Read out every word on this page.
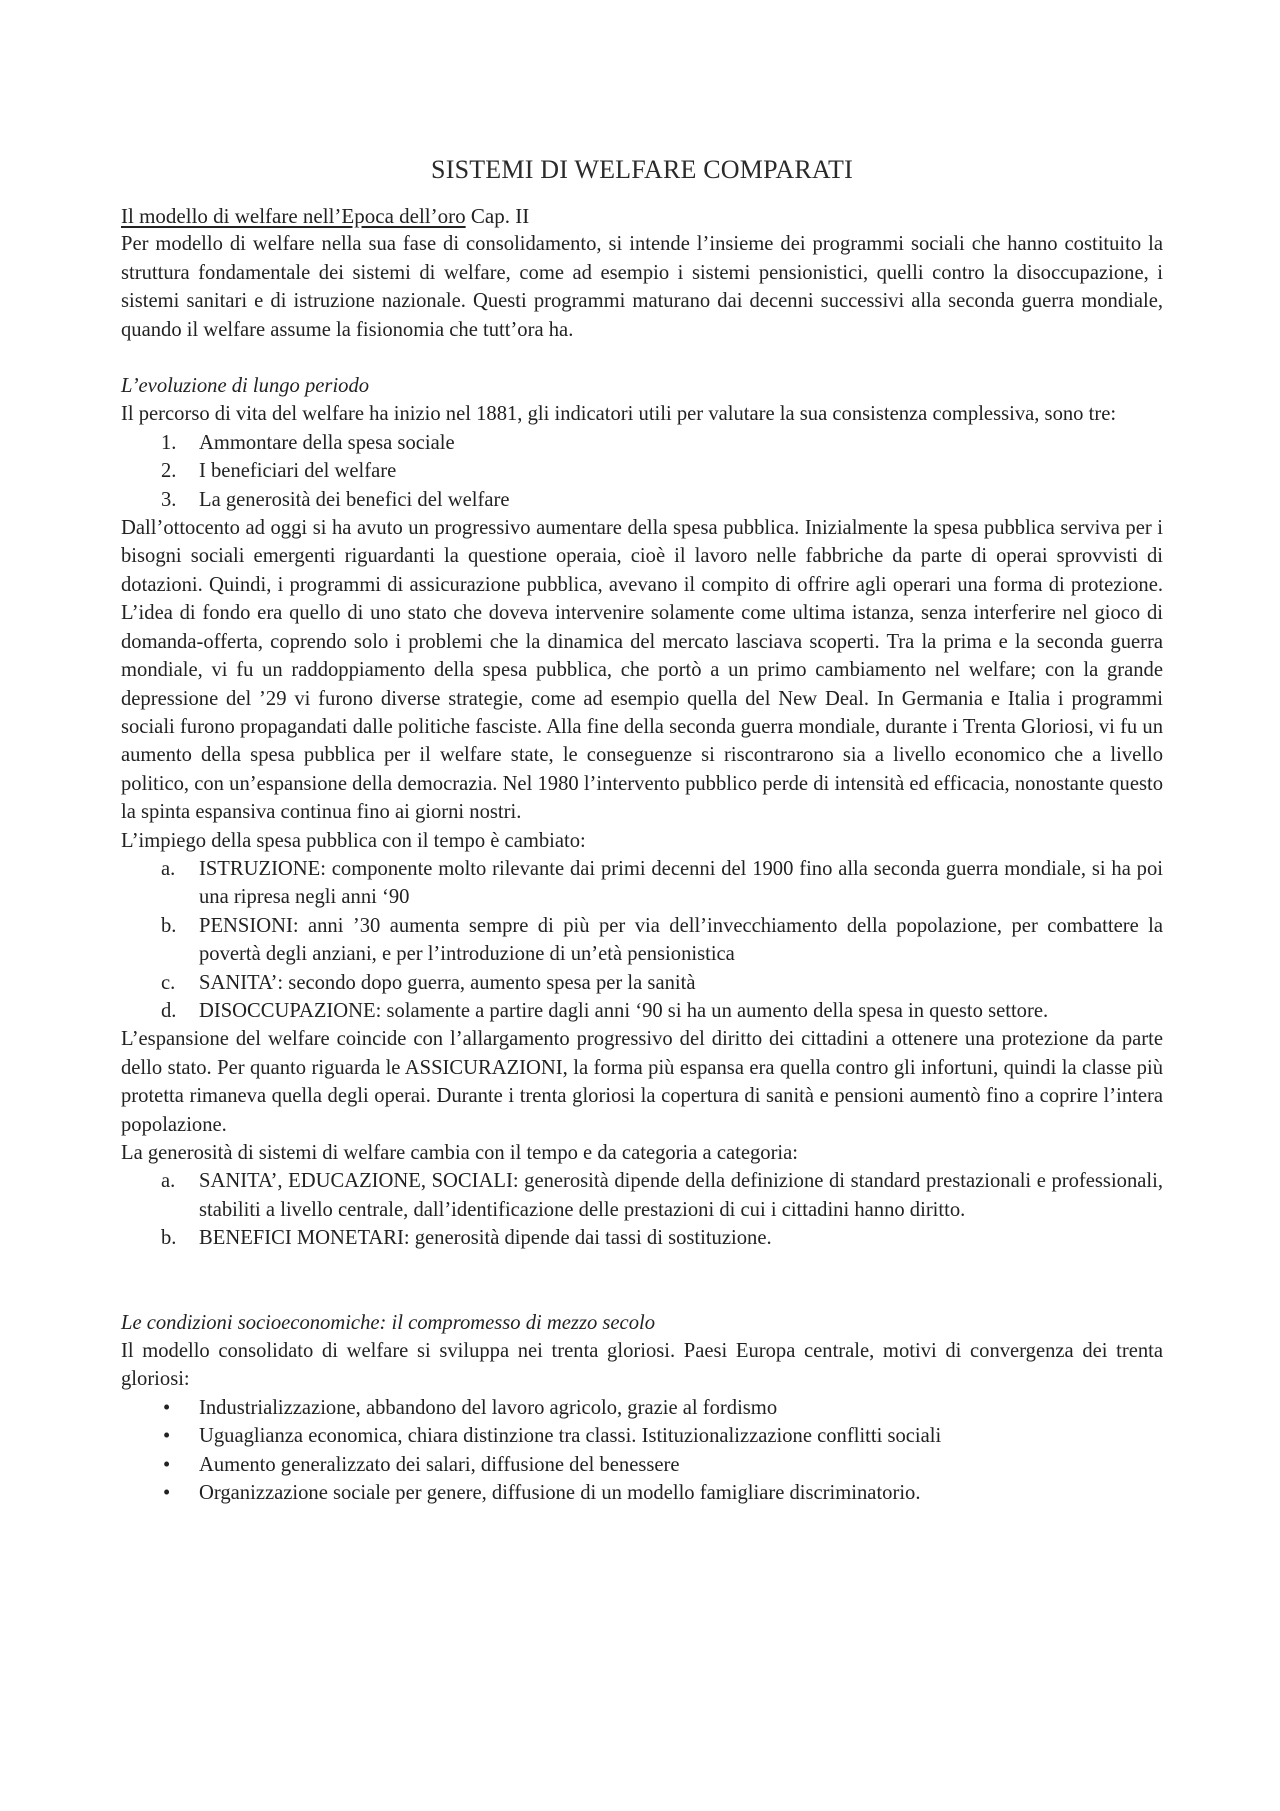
SISTEMI DI WELFARE COMPARATI
Il modello di welfare nell’Epoca dell’oro Cap. II

Per modello di welfare nella sua fase di consolidamento, si intende l’insieme dei programmi sociali che hanno costituito la struttura fondamentale dei sistemi di welfare, come ad esempio i sistemi pensionistici, quelli contro la disoccupazione, i sistemi sanitari e di istruzione nazionale. Questi programmi maturano dai decenni successivi alla seconda guerra mondiale, quando il welfare assume la fisionomia che tutt’ora ha.

L’evoluzione di lungo periodo

Il percorso di vita del welfare ha inizio nel 1881, gli indicatori utili per valutare la sua consistenza complessiva, sono tre:

1.	Ammontare della spesa sociale
2.	I beneficiari del welfare
3.	La generosità dei benefici del welfare

Dall’ottocento ad oggi si ha avuto un progressivo aumentare della spesa pubblica. Inizialmente la spesa pubblica serviva per i bisogni sociali emergenti riguardanti la questione operaia, cioè il lavoro nelle fabbriche da parte di operai sprovvisti di dotazioni. Quindi, i programmi di assicurazione pubblica, avevano il compito di offrire agli operari una forma di protezione. L’idea di fondo era quello di uno stato che doveva intervenire solamente come ultima istanza, senza interferire nel gioco di domanda-offerta, coprendo solo i problemi che la dinamica del mercato lasciava scoperti. Tra la prima e la seconda guerra mondiale, vi fu un raddoppiamento della spesa pubblica, che portò a un primo cambiamento nel welfare; con la grande depressione del ’29 vi furono diverse strategie, come ad esempio quella del New Deal. In Germania e Italia i programmi sociali furono propagandati dalle politiche fasciste. Alla fine della seconda guerra mondiale, durante i Trenta Gloriosi, vi fu un aumento della spesa pubblica per il welfare state, le conseguenze si riscontrarono sia a livello economico che a livello politico, con un’espansione della democrazia. Nel 1980 l’intervento pubblico perde di intensità ed efficacia, nonostante questo la spinta espansiva continua fino ai giorni nostri.

L’impiego della spesa pubblica con il tempo è cambiato:

a.	ISTRUZIONE: componente molto rilevante dai primi decenni del 1900 fino alla seconda guerra mondiale, si ha poi una ripresa negli anni ‘90
b.	PENSIONI: anni ’30 aumenta sempre di più per via dell’invecchiamento della popolazione, per combattere la povertà degli anziani, e per l’introduzione di un’età pensionistica
c.	SANITA’: secondo dopo guerra, aumento spesa per la sanità
d.	DISOCCUPAZIONE: solamente a partire dagli anni ‘90 si ha un aumento della spesa in questo settore.

L’espansione del welfare coincide con l’allargamento progressivo del diritto dei cittadini a ottenere una protezione da parte dello stato. Per quanto riguarda le ASSICURAZIONI, la forma più espansa era quella contro gli infortuni, quindi la classe più protetta rimaneva quella degli operai. Durante i trenta gloriosi la copertura di sanità e pensioni aumentò fino a coprire l’intera popolazione.

La generosità di sistemi di welfare cambia con il tempo e da categoria a categoria:

a.	SANITA’, EDUCAZIONE, SOCIALI: generosità dipende della definizione di standard prestazionali e professionali, stabiliti a livello centrale, dall’identificazione delle prestazioni di cui i cittadini hanno diritto.
b.	BENEFICI MONETARI: generosità dipende dai tassi di sostituzione.

Le condizioni socioeconomiche: il compromesso di mezzo secolo

Il modello consolidato di welfare si sviluppa nei trenta gloriosi. Paesi Europa centrale, motivi di convergenza dei trenta gloriosi:

•	Industrializzazione, abbandono del lavoro agricolo, grazie al fordismo
•	Uguaglianza economica, chiara distinzione tra classi. Istituzionalizzazione conflitti sociali
•	Aumento generalizzato dei salari, diffusione del benessere
•	Organizzazione sociale per genere, diffusione di un modello famigliare discriminatorio.
